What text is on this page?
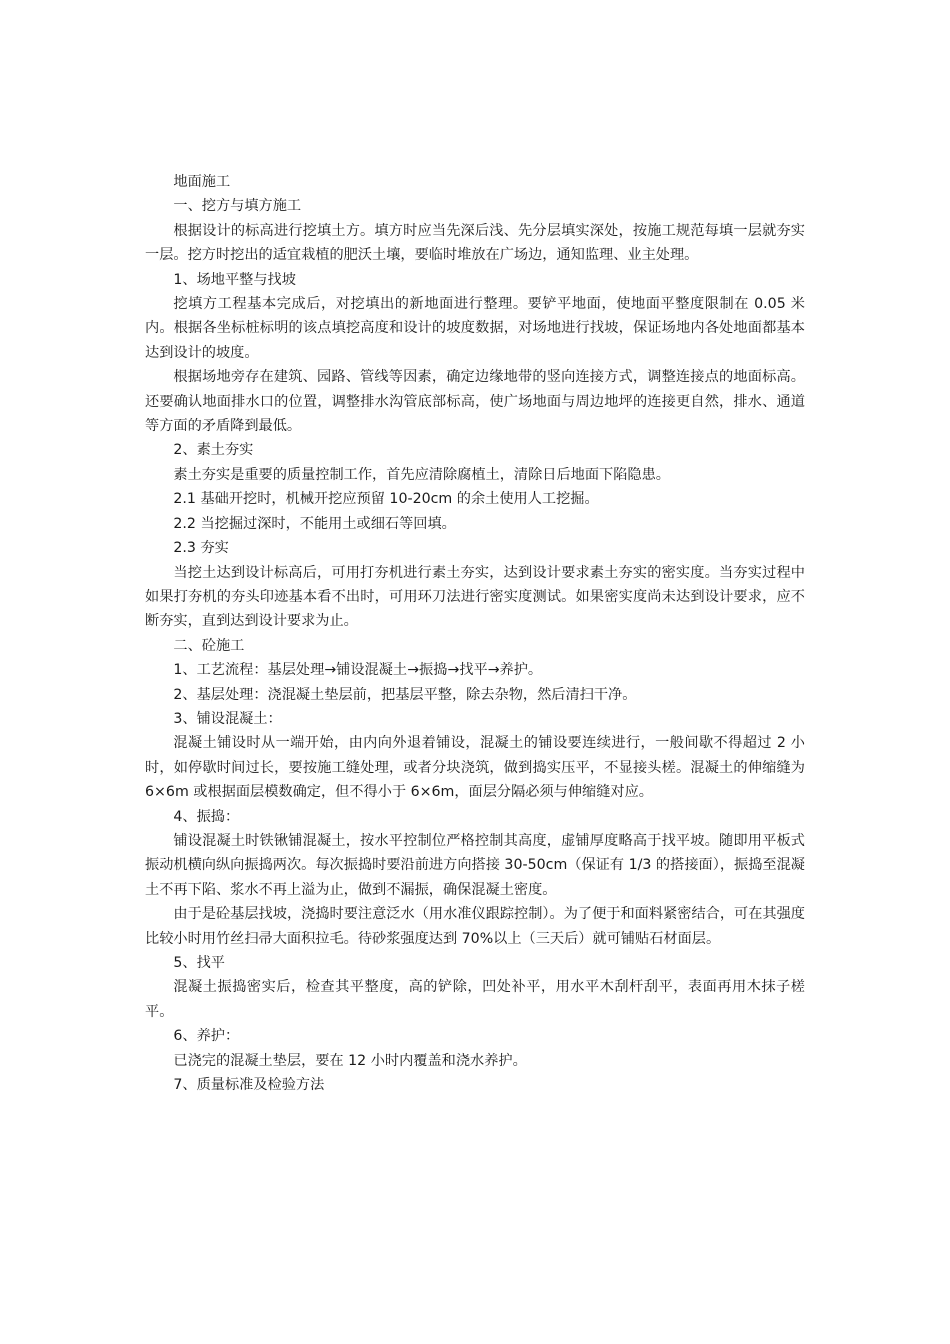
地面施工

一、挖方与填方施工

根据设计的标高进行挖填土方。填方时应当先深后浅、先分层填实深处，按施工规范每填一层就夯实一层。挖方时挖出的适宜栽植的肥沃土壤，要临时堆放在广场边，通知监理、业主处理。

1、场地平整与找坡

挖填方工程基本完成后，对挖填出的新地面进行整理。要铲平地面，使地面平整度限制在 0.05 米内。根据各坐标桩标明的该点填挖高度和设计的坡度数据，对场地进行找坡，保证场地内各处地面都基本达到设计的坡度。

根据场地旁存在建筑、园路、管线等因素，确定边缘地带的竖向连接方式，调整连接点的地面标高。还要确认地面排水口的位置，调整排水沟管底部标高，使广场地面与周边地坪的连接更自然，排水、通道等方面的矛盾降到最低。

2、素土夯实

素土夯实是重要的质量控制工作，首先应清除腐植土，清除日后地面下陷隐患。

2.1 基础开挖时，机械开挖应预留 10-20cm 的余土使用人工挖掘。

2.2 当挖掘过深时，不能用土或细石等回填。

2.3 夯实

当挖土达到设计标高后，可用打夯机进行素土夯实，达到设计要求素土夯实的密实度。当夯实过程中如果打夯机的夯头印迹基本看不出时，可用环刀法进行密实度测试。如果密实度尚未达到设计要求，应不断夯实，直到达到设计要求为止。

二、砼施工

1、工艺流程：基层处理→铺设混凝土→振捣→找平→养护。

2、基层处理：浇混凝土垫层前，把基层平整，除去杂物，然后清扫干净。

3、铺设混凝土：

混凝土铺设时从一端开始，由内向外退着铺设，混凝土的铺设要连续进行，一般间歇不得超过 2 小时，如停歇时间过长，要按施工缝处理，或者分块浇筑，做到捣实压平，不显接头槎。混凝土的伸缩缝为 6×6m 或根据面层模数确定，但不得小于 6×6m，面层分隔必须与伸缩缝对应。

4、振捣：

铺设混凝土时铁锹铺混凝土，按水平控制位严格控制其高度，虚铺厚度略高于找平坡。随即用平板式振动机横向纵向振捣两次。每次振捣时要沿前进方向搭接 30-50cm（保证有 1/3 的搭接面），振捣至混凝土不再下陷、浆水不再上溢为止，做到不漏振，确保混凝土密度。

由于是砼基层找坡，浇捣时要注意泛水（用水准仪跟踪控制）。为了便于和面料紧密结合，可在其强度比较小时用竹丝扫帚大面积拉毛。待砂浆强度达到 70%以上（三天后）就可铺贴石材面层。

5、找平

混凝土振捣密实后，检查其平整度，高的铲除，凹处补平，用水平木刮杆刮平，表面再用木抹子槎平。

6、养护：

已浇完的混凝土垫层，要在 12 小时内覆盖和浇水养护。

7、质量标准及检验方法
